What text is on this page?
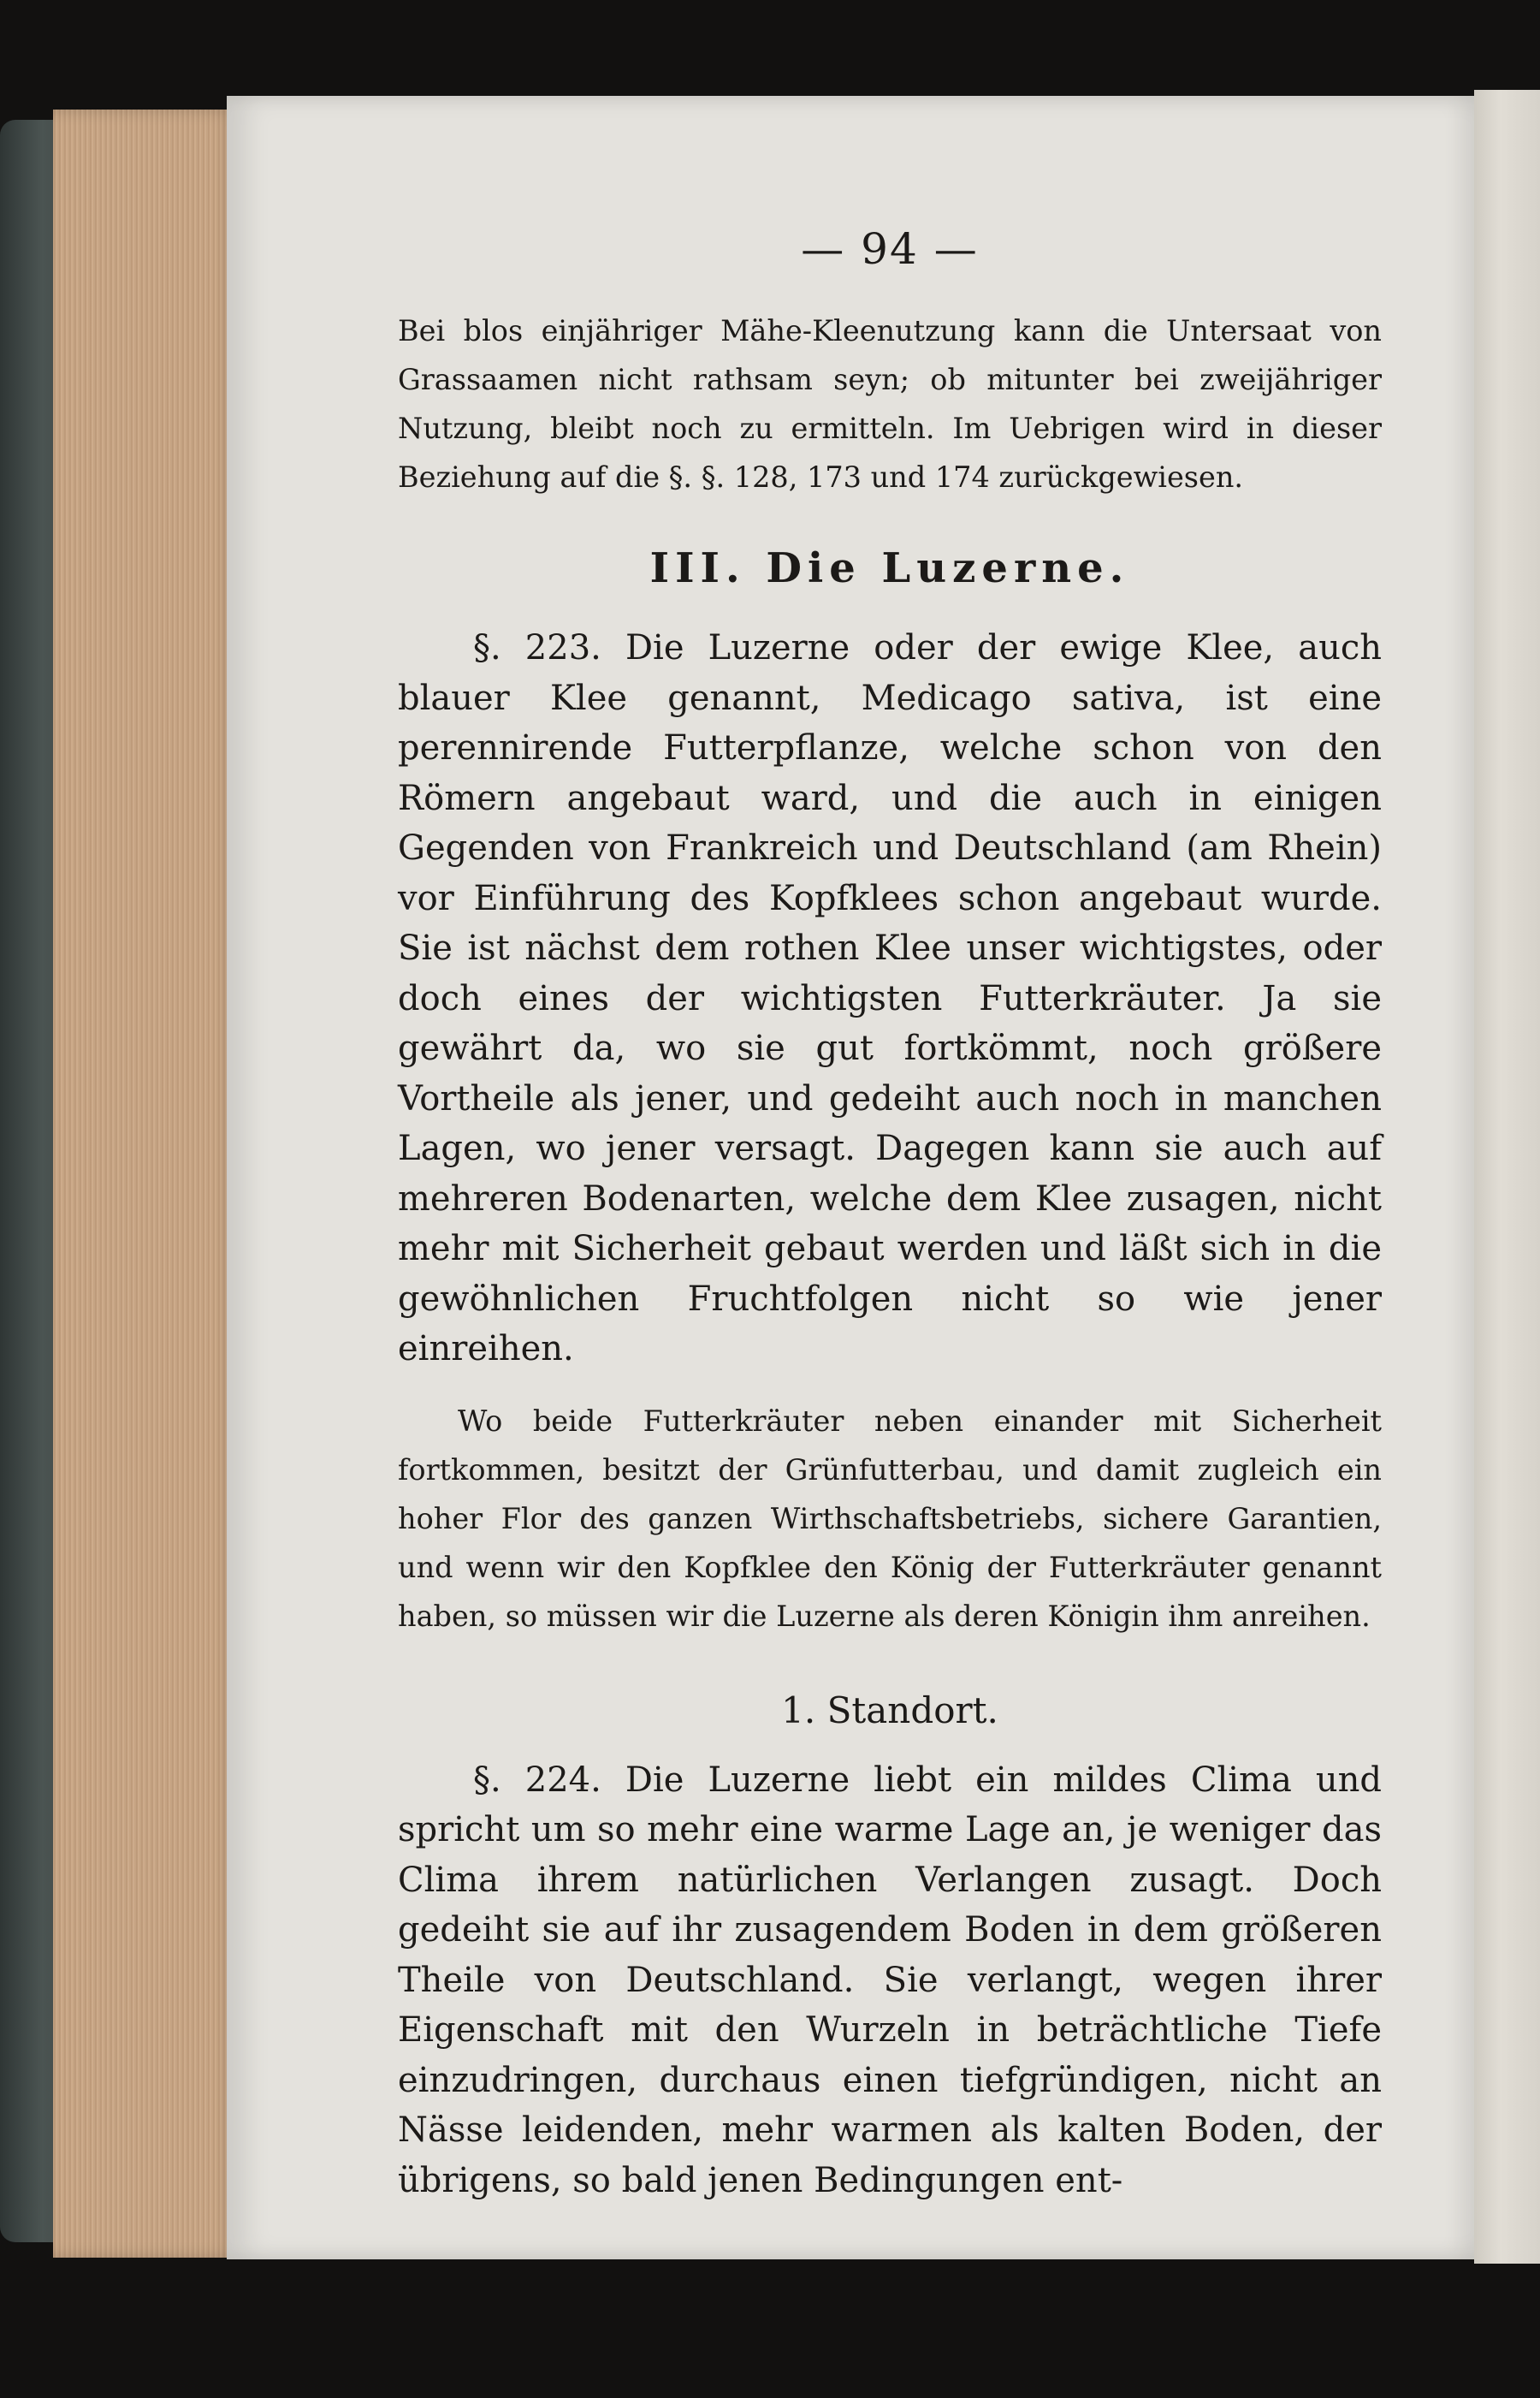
— 94 —

Bei blos einjähriger Mähe-Kleenutzung kann die Untersaat von Grassaamen nicht rathsam seyn; ob mitunter bei zweijähriger Nutzung, bleibt noch zu ermitteln. Im Uebrigen wird in dieser Beziehung auf die §. §. 128, 173 und 174 zurückgewiesen.

III. Die Luzerne.

§. 223. Die Luzerne oder der ewige Klee, auch blauer Klee genannt, Medicago sativa, ist eine perennirende Futterpflanze, welche schon von den Römern angebaut ward, und die auch in einigen Gegenden von Frankreich und Deutschland (am Rhein) vor Einführung des Kopfklees schon angebaut wurde. Sie ist nächst dem rothen Klee unser wichtigstes, oder doch eines der wichtigsten Futterkräuter. Ja sie gewährt da, wo sie gut fortkömmt, noch größere Vortheile als jener, und gedeiht auch noch in manchen Lagen, wo jener versagt. Dagegen kann sie auch auf mehreren Bodenarten, welche dem Klee zusagen, nicht mehr mit Sicherheit gebaut werden und läßt sich in die gewöhnlichen Fruchtfolgen nicht so wie jener einreihen.

Wo beide Futterkräuter neben einander mit Sicherheit fortkommen, besitzt der Grünfutterbau, und damit zugleich ein hoher Flor des ganzen Wirthschaftsbetriebs, sichere Garantien, und wenn wir den Kopfklee den König der Futterkräuter genannt haben, so müssen wir die Luzerne als deren Königin ihm anreihen.

1. Standort.

§. 224. Die Luzerne liebt ein mildes Clima und spricht um so mehr eine warme Lage an, je weniger das Clima ihrem natürlichen Verlangen zusagt. Doch gedeiht sie auf ihr zusagendem Boden in dem größeren Theile von Deutschland. Sie verlangt, wegen ihrer Eigenschaft mit den Wurzeln in beträchtliche Tiefe einzudringen, durchaus einen tiefgründigen, nicht an Nässe leidenden, mehr warmen als kalten Boden, der übrigens, so bald jenen Bedingungen ent-
